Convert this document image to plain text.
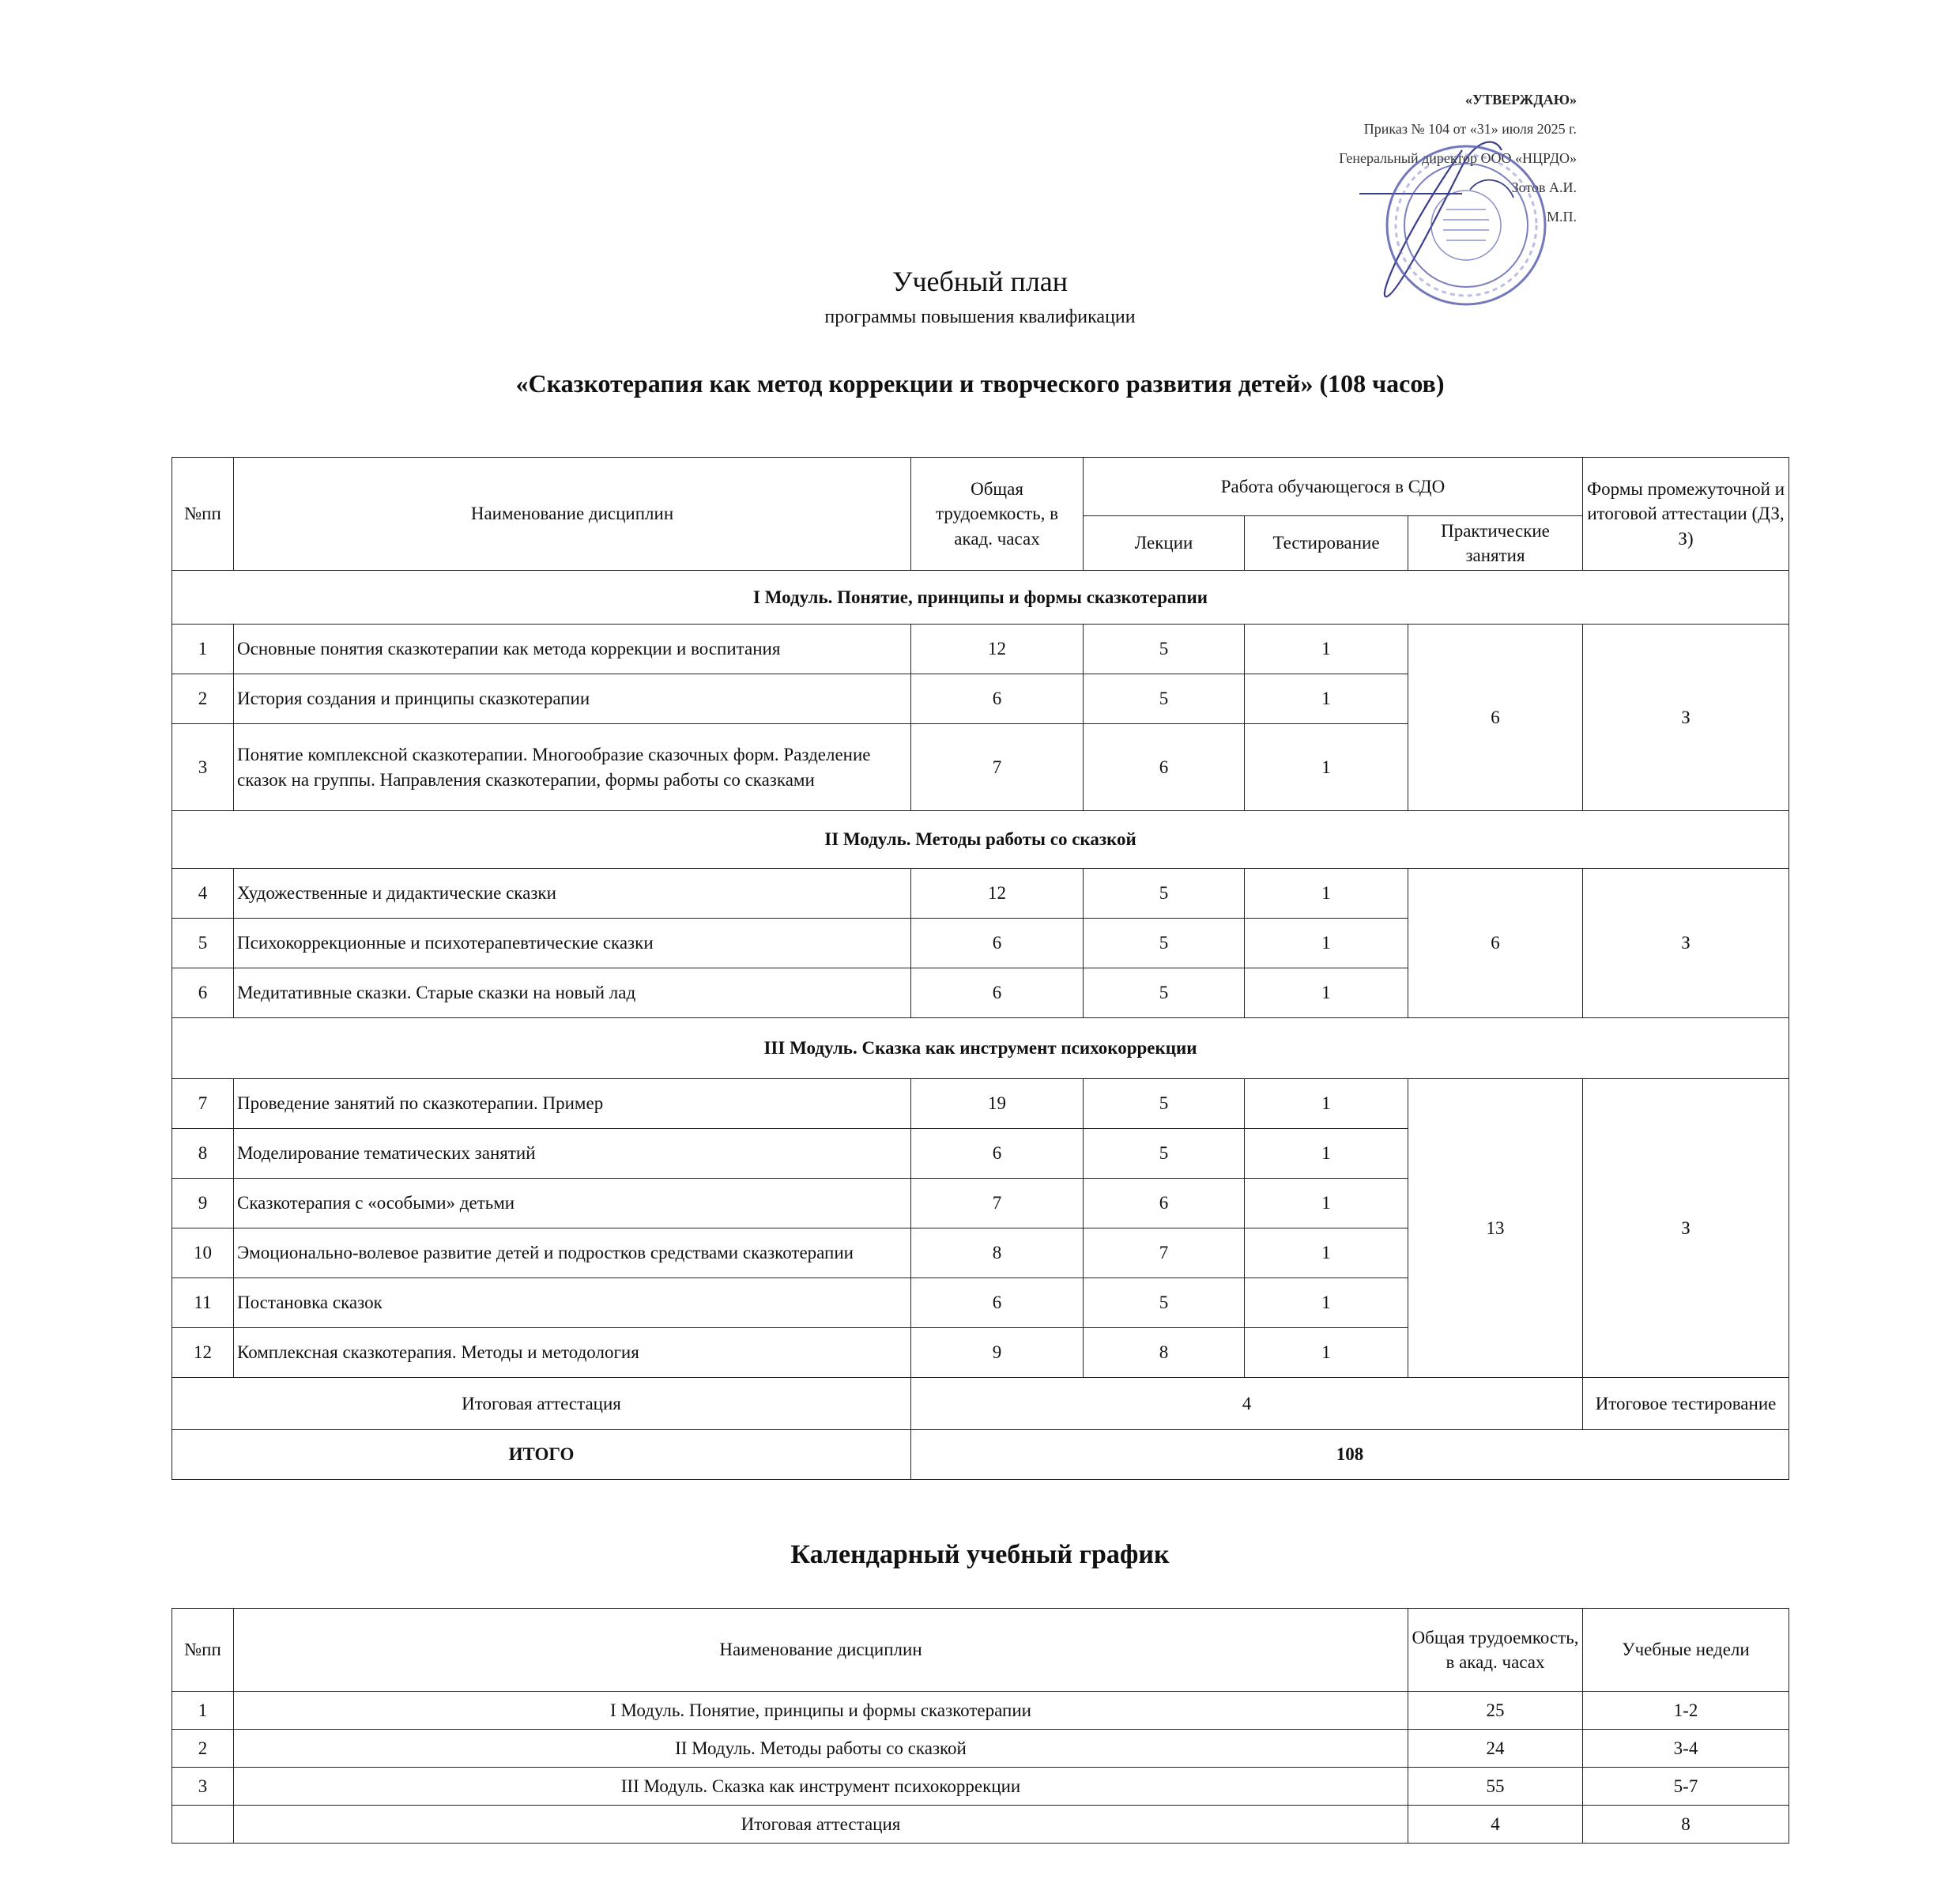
«УТВЕРЖДАЮ»
Приказ № 104 от «31» июля 2025 г.
Генеральный директор ООО «НЦРДО»
Зотов А.И.
М.П.
Учебный план
программы повышения квалификации
«Сказкотерапия как метод коррекции и творческого развития детей» (108 часов)
№пп	Наименование дисциплин	Общая трудоемкость, в акад. часах	Работа обучающегося в СДО			Формы промежуточной и итоговой аттестации (ДЗ, З)
			Лекции	Тестирование	Практические занятия	
I Модуль. Понятие, принципы и формы сказкотерапии						
1	Основные понятия сказкотерапии как метода коррекции и воспитания	12	5	1	6	З
2	История создания и принципы сказкотерапии	6	5	1		
3	Понятие комплексной сказкотерапии. Многообразие сказочных форм. Разделение сказок на группы. Направления сказкотерапии, формы работы со сказками	7	6	1		
II Модуль. Методы работы со сказкой						
4	Художественные и дидактические сказки	12	5	1	6	З
5	Психокоррекционные и психотерапевтические сказки	6	5	1		
6	Медитативные сказки. Старые сказки на новый лад	6	5	1		
III Модуль. Сказка как инструмент психокоррекции						
7	Проведение занятий по сказкотерапии. Пример	19	5	1	13	З
8	Моделирование тематических занятий	6	5	1		
9	Сказкотерапия с «особыми» детьми	7	6	1		
10	Эмоционально-волевое развитие детей и подростков средствами сказкотерапии	8	7	1		
11	Постановка сказок	6	5	1		
12	Комплексная сказкотерапия. Методы и методология	9	8	1		
Итоговая аттестация		4				Итоговое тестирование
ИТОГО		108				
Календарный учебный график
№пп	Наименование дисциплин	Общая трудоемкость, в акад. часах	Учебные недели
1	I Модуль. Понятие, принципы и формы сказкотерапии	25	1-2
2	II Модуль. Методы работы со сказкой	24	3-4
3	III Модуль. Сказка как инструмент психокоррекции	55	5-7
	Итоговая аттестация	4	8
